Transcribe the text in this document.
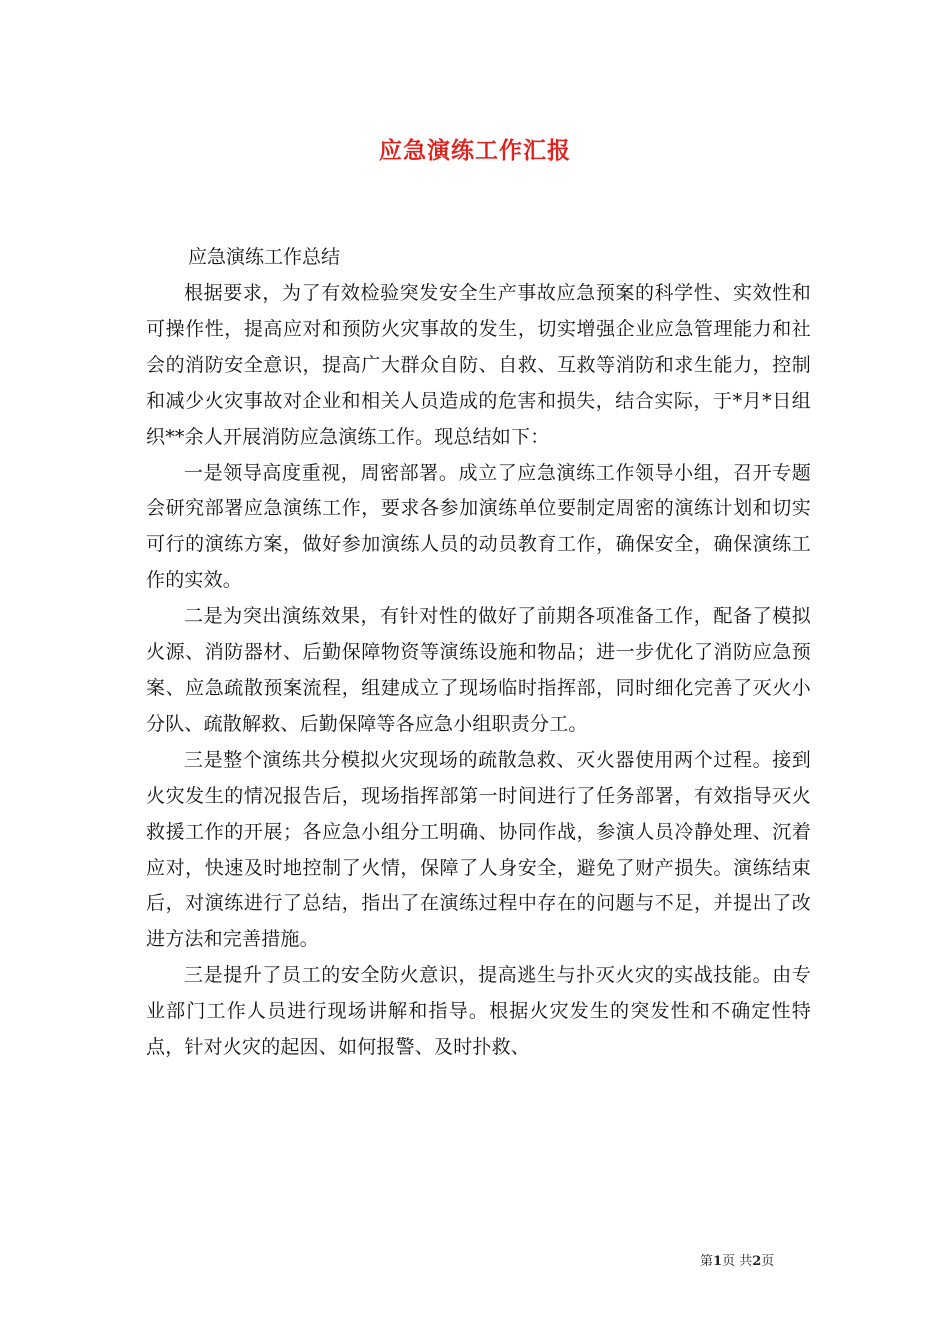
应急演练工作汇报
应急演练工作总结

根据要求，为了有效检验突发安全生产事故应急预案的科学性、实效性和可操作性，提高应对和预防火灾事故的发生，切实增强企业应急管理能力和社会的消防安全意识，提高广大群众自防、自救、互救等消防和求生能力，控制和减少火灾事故对企业和相关人员造成的危害和损失，结合实际，于*月*日组织**余人开展消防应急演练工作。现总结如下：

一是领导高度重视，周密部署。成立了应急演练工作领导小组，召开专题会研究部署应急演练工作，要求各参加演练单位要制定周密的演练计划和切实可行的演练方案，做好参加演练人员的动员教育工作，确保安全，确保演练工作的实效。

二是为突出演练效果，有针对性的做好了前期各项准备工作，配备了模拟火源、消防器材、后勤保障物资等演练设施和物品；进一步优化了消防应急预案、应急疏散预案流程，组建成立了现场临时指挥部，同时细化完善了灭火小分队、疏散解救、后勤保障等各应急小组职责分工。

三是整个演练共分模拟火灾现场的疏散急救、灭火器使用两个过程。接到火灾发生的情况报告后，现场指挥部第一时间进行了任务部署，有效指导灭火救援工作的开展；各应急小组分工明确、协同作战，参演人员冷静处理、沉着应对，快速及时地控制了火情，保障了人身安全，避免了财产损失。演练结束后，对演练进行了总结，指出了在演练过程中存在的问题与不足，并提出了改进方法和完善措施。

三是提升了员工的安全防火意识，提高逃生与扑灭火灾的实战技能。由专业部门工作人员进行现场讲解和指导。根据火灾发生的突发性和不确定性特点，针对火灾的起因、如何报警、及时扑救、

第1页 共2页
